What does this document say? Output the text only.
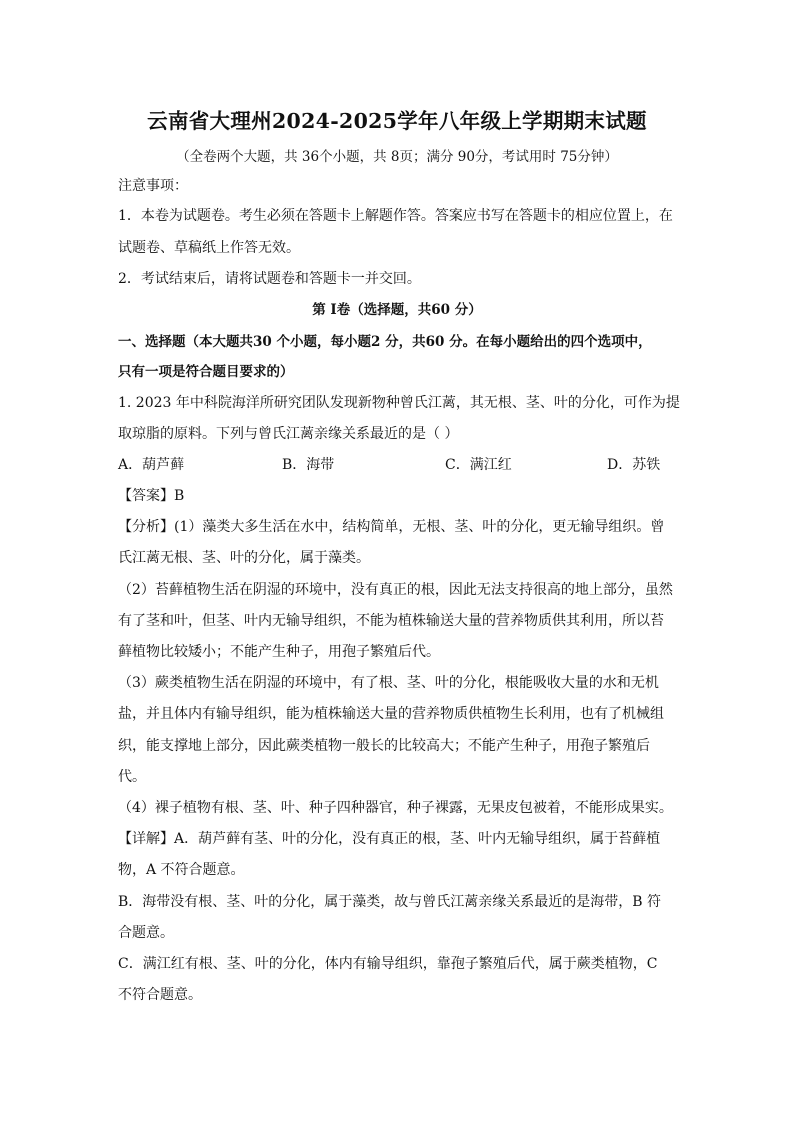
云南省大理州2024-2025学年八年级上学期期末试题
（全卷两个大题，共 36个小题，共 8页；满分 90分，考试用时 75分钟）
注意事项：
1．本卷为试题卷。考生必须在答题卡上解题作答。答案应书写在答题卡的相应位置上，在
试题卷、草稿纸上作答无效。
2．考试结束后，请将试题卷和答题卡一并交回。
第 I卷（选择题，共60 分）
一、选择题（本大题共30 个小题，每小题2 分，共60 分。在每小题给出的四个选项中，
只有一项是符合题目要求的）
1. 2023 年中科院海洋所研究团队发现新物种曾氏江蓠，其无根、茎、叶的分化，可作为提
取琼脂的原料。下列与曾氏江蓠亲缘关系最近的是（ ）
A．葫芦藓	B．海带	C．满江红	D．苏铁
【答案】B
【分析】(1）藻类大多生活在水中，结构简单，无根、茎、叶的分化，更无输导组织。曾
氏江蓠无根、茎、叶的分化，属于藻类。
（2）苔藓植物生活在阴湿的环境中，没有真正的根，因此无法支持很高的地上部分，虽然
有了茎和叶，但茎、叶内无输导组织，不能为植株输送大量的营养物质供其利用，所以苔
藓植物比较矮小；不能产生种子，用孢子繁殖后代。
（3）蕨类植物生活在阴湿的环境中，有了根、茎、叶的分化，根能吸收大量的水和无机
盐，并且体内有输导组织，能为植株输送大量的营养物质供植物生长利用，也有了机械组
织，能支撑地上部分，因此蕨类植物一般长的比较高大；不能产生种子，用孢子繁殖后
代。
（4）裸子植物有根、茎、叶、种子四种器官，种子裸露，无果皮包被着，不能形成果实。
【详解】A．葫芦藓有茎、叶的分化，没有真正的根，茎、叶内无输导组织，属于苔藓植
物，A 不符合题意。
B．海带没有根、茎、叶的分化，属于藻类，故与曾氏江蓠亲缘关系最近的是海带，B 符
合题意。
C．满江红有根、茎、叶的分化，体内有输导组织，靠孢子繁殖后代，属于蕨类植物，C
不符合题意。
